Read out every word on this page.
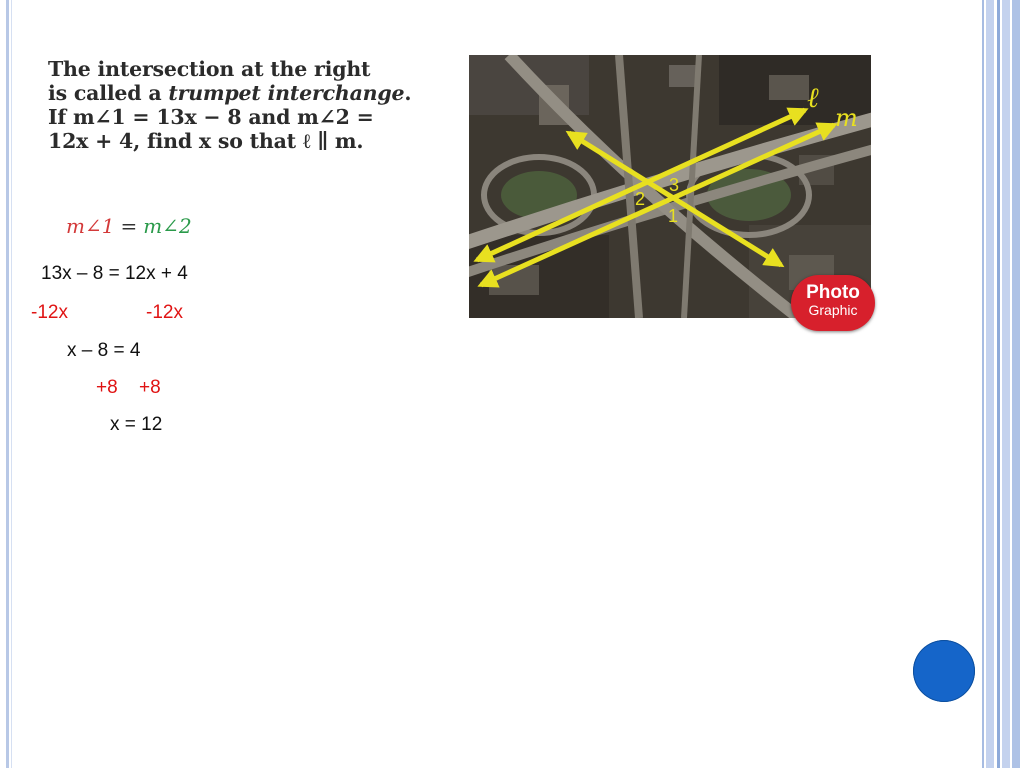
The intersection at the right
is called a trumpet interchange.
If m∠1 = 13x − 8 and m∠2 =
12x + 4, find x so that ℓ ∥ m.
m∠1 = m∠2
13x – 8 = 12x + 4
-12x	-12x
x – 8 = 4
+8 +8
x = 12
ℓ
m
3
2
1
Photo
Graphic
